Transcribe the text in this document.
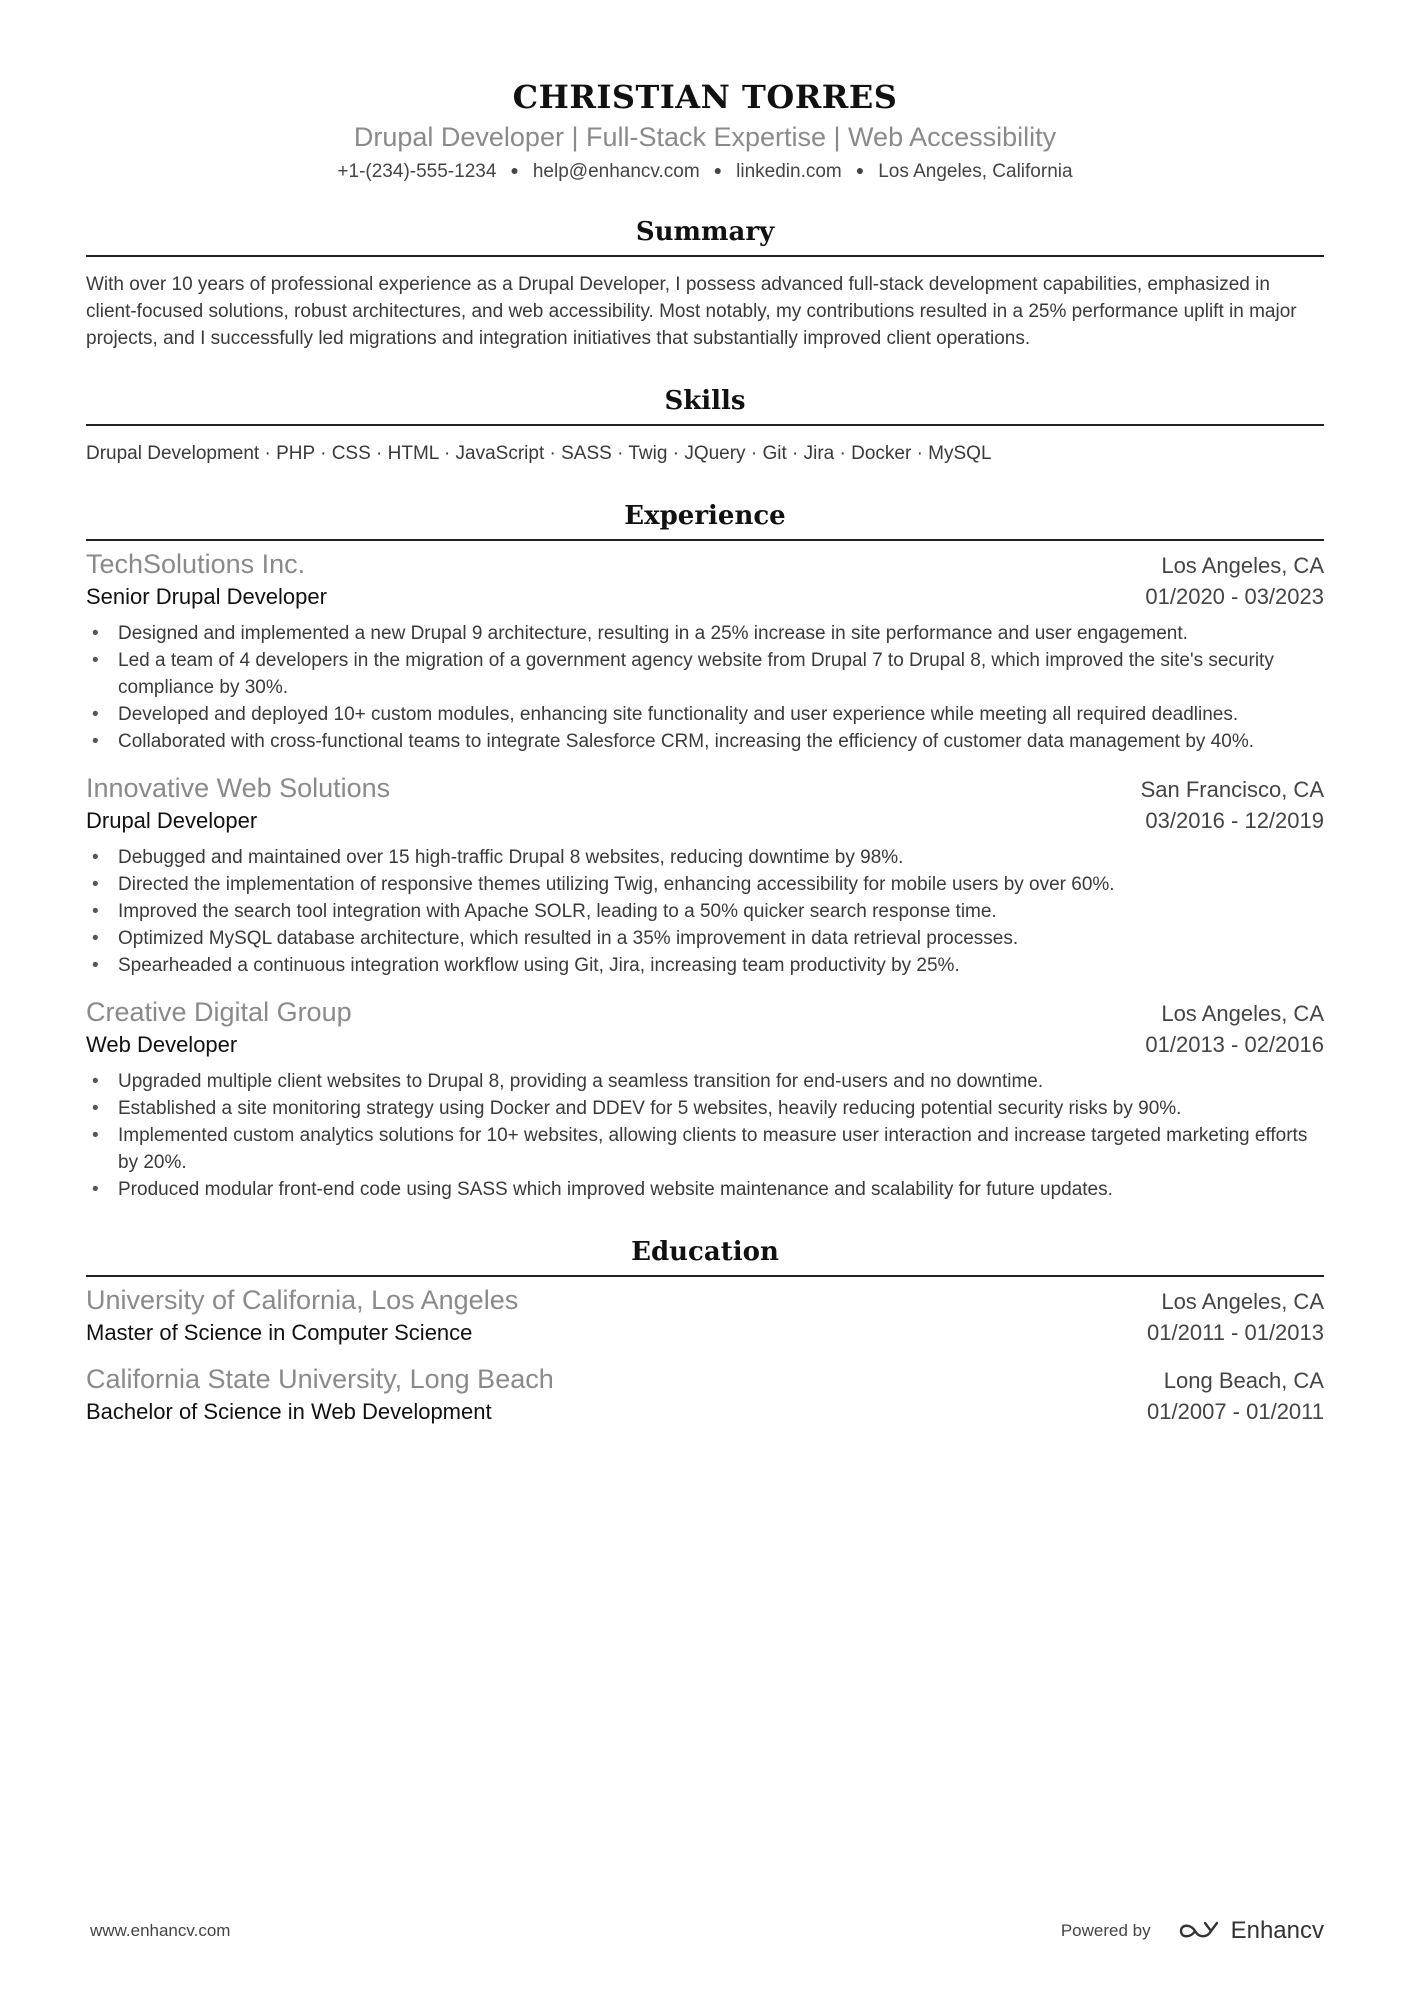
CHRISTIAN TORRES
Drupal Developer | Full-Stack Expertise | Web Accessibility
+1-(234)-555-1234 ● help@enhancv.com ● linkedin.com ● Los Angeles, California
Summary
With over 10 years of professional experience as a Drupal Developer, I possess advanced full-stack development capabilities, emphasized in client-focused solutions, robust architectures, and web accessibility. Most notably, my contributions resulted in a 25% performance uplift in major projects, and I successfully led migrations and integration initiatives that substantially improved client operations.
Skills
Drupal Development · PHP · CSS · HTML · JavaScript · SASS · Twig · JQuery · Git · Jira · Docker · MySQL
Experience
TechSolutions Inc.	Los Angeles, CA
Senior Drupal Developer	01/2020 - 03/2023
• Designed and implemented a new Drupal 9 architecture, resulting in a 25% increase in site performance and user engagement.
• Led a team of 4 developers in the migration of a government agency website from Drupal 7 to Drupal 8, which improved the site's security compliance by 30%.
• Developed and deployed 10+ custom modules, enhancing site functionality and user experience while meeting all required deadlines.
• Collaborated with cross-functional teams to integrate Salesforce CRM, increasing the efficiency of customer data management by 40%.
Innovative Web Solutions	San Francisco, CA
Drupal Developer	03/2016 - 12/2019
• Debugged and maintained over 15 high-traffic Drupal 8 websites, reducing downtime by 98%.
• Directed the implementation of responsive themes utilizing Twig, enhancing accessibility for mobile users by over 60%.
• Improved the search tool integration with Apache SOLR, leading to a 50% quicker search response time.
• Optimized MySQL database architecture, which resulted in a 35% improvement in data retrieval processes.
• Spearheaded a continuous integration workflow using Git, Jira, increasing team productivity by 25%.
Creative Digital Group	Los Angeles, CA
Web Developer	01/2013 - 02/2016
• Upgraded multiple client websites to Drupal 8, providing a seamless transition for end-users and no downtime.
• Established a site monitoring strategy using Docker and DDEV for 5 websites, heavily reducing potential security risks by 90%.
• Implemented custom analytics solutions for 10+ websites, allowing clients to measure user interaction and increase targeted marketing efforts by 20%.
• Produced modular front-end code using SASS which improved website maintenance and scalability for future updates.
Education
University of California, Los Angeles	Los Angeles, CA
Master of Science in Computer Science	01/2011 - 01/2013
California State University, Long Beach	Long Beach, CA
Bachelor of Science in Web Development	01/2007 - 01/2011
www.enhancv.com	Powered by	Enhancv
